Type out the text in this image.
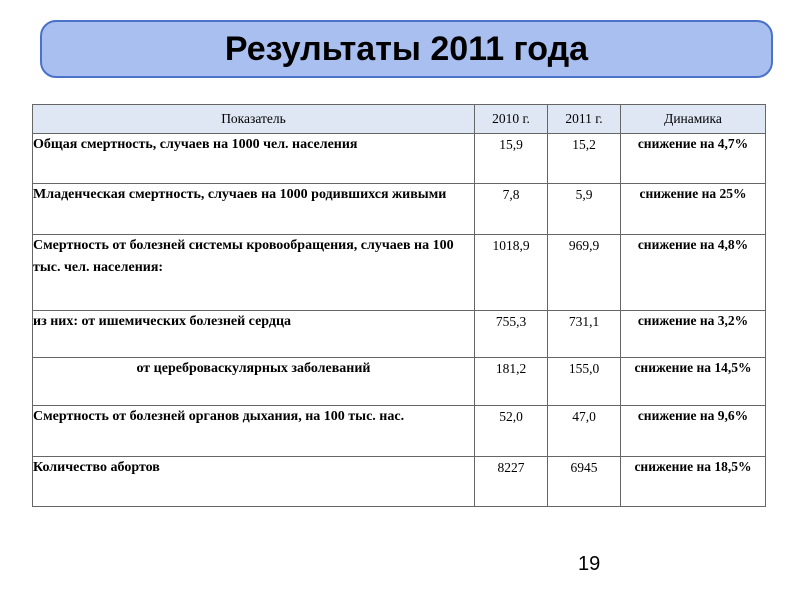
Результаты 2011 года
Показатель	2010 г.	2011 г.	Динамика
Общая смертность, случаев на 1000 чел. населения	15,9	15,2	снижение на 4,7%
Младенческая смертность, случаев на 1000 родившихся живыми	7,8	5,9	снижение на 25%
Смертность от болезней системы кровообращения, случаев на 100 тыс. чел. населения:	1018,9	969,9	снижение на 4,8%
из них: от ишемических болезней сердца	755,3	731,1	снижение на 3,2%
от цереброваскулярных заболеваний	181,2	155,0	снижение на 14,5%
Смертность от болезней органов дыхания, на 100 тыс. нас.	52,0	47,0	снижение на 9,6%
Количество абортов	8227	6945	снижение на 18,5%
19
